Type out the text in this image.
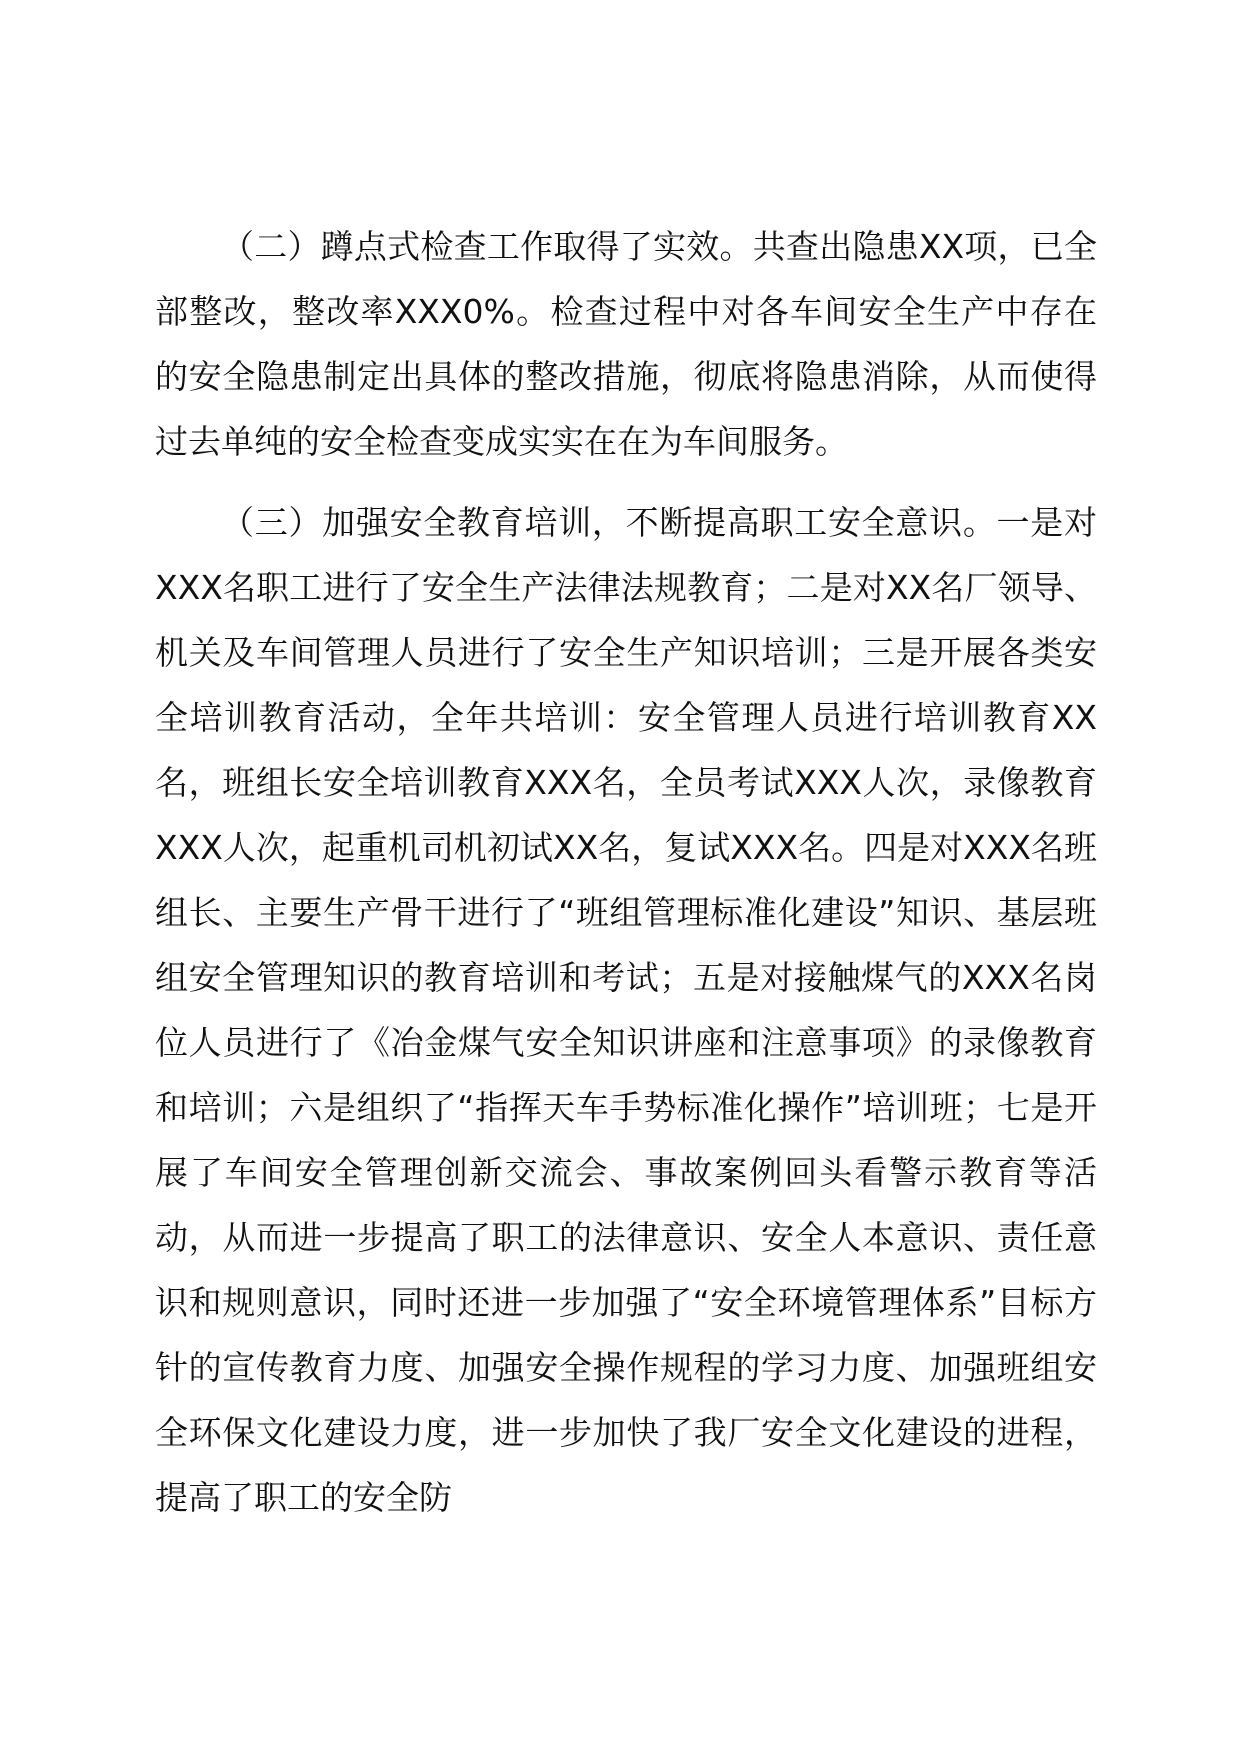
（二）蹲点式检查工作取得了实效。共查出隐患XX项，已全部整改，整改率XXX0%。检查过程中对各车间安全生产中存在的安全隐患制定出具体的整改措施，彻底将隐患消除，从而使得过去单纯的安全检查变成实实在在为车间服务。

（三）加强安全教育培训，不断提高职工安全意识。一是对XXX名职工进行了安全生产法律法规教育；二是对XX名厂领导、机关及车间管理人员进行了安全生产知识培训；三是开展各类安全培训教育活动，全年共培训：安全管理人员进行培训教育XX名，班组长安全培训教育XXX名，全员考试XXX人次，录像教育XXX人次，起重机司机初试XX名，复试XXX名。四是对XXX名班组长、主要生产骨干进行了“班组管理标准化建设”知识、基层班组安全管理知识的教育培训和考试；五是对接触煤气的XXX名岗位人员进行了《冶金煤气安全知识讲座和注意事项》的录像教育和培训；六是组织了“指挥天车手势标准化操作”培训班；七是开展了车间安全管理创新交流会、事故案例回头看警示教育等活动，从而进一步提高了职工的法律意识、安全人本意识、责任意识和规则意识，同时还进一步加强了“安全环境管理体系”目标方针的宣传教育力度、加强安全操作规程的学习力度、加强班组安全环保文化建设力度，进一步加快了我厂安全文化建设的进程，提高了职工的安全防
